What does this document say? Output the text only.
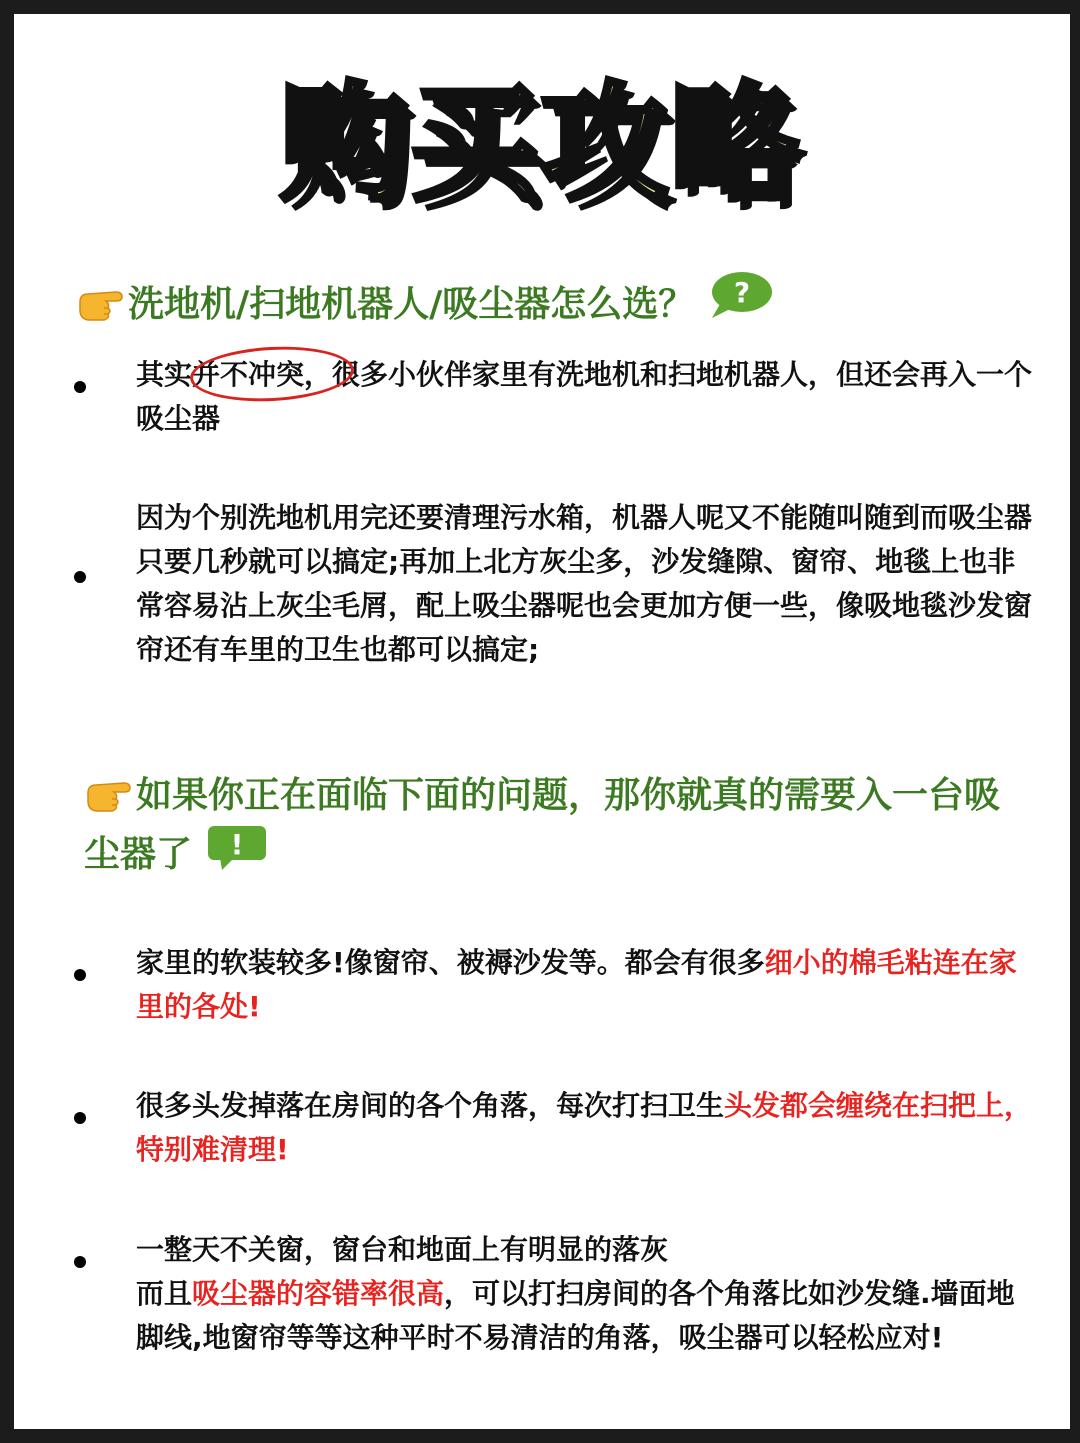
购买攻略
洗地机/扫地机器人/吸尘器怎么选？ ?
其实并不冲突，很多小伙伴家里有洗地机和扫地机器人，但还会再入一个吸尘器
因为个别洗地机用完还要清理污水箱，机器人呢又不能随叫随到而吸尘器只要几秒就可以搞定;再加上北方灰尘多，沙发缝隙、窗帘、地毯上也非常容易沾上灰尘毛屑，配上吸尘器呢也会更加方便一些，像吸地毯沙发窗帘还有车里的卫生也都可以搞定;
如果你正在面临下面的问题，那你就真的需要入一台吸尘器了 !
家里的软装较多!像窗帘、被褥沙发等。都会有很多细小的棉毛粘连在家里的各处!
很多头发掉落在房间的各个角落，每次打扫卫生头发都会缠绕在扫把上，特别难清理!
一整天不关窗，窗台和地面上有明显的落灰
而且吸尘器的容错率很高，可以打扫房间的各个角落比如沙发缝.墙面地脚线,地窗帘等等这种平时不易清洁的角落，吸尘器可以轻松应对!
